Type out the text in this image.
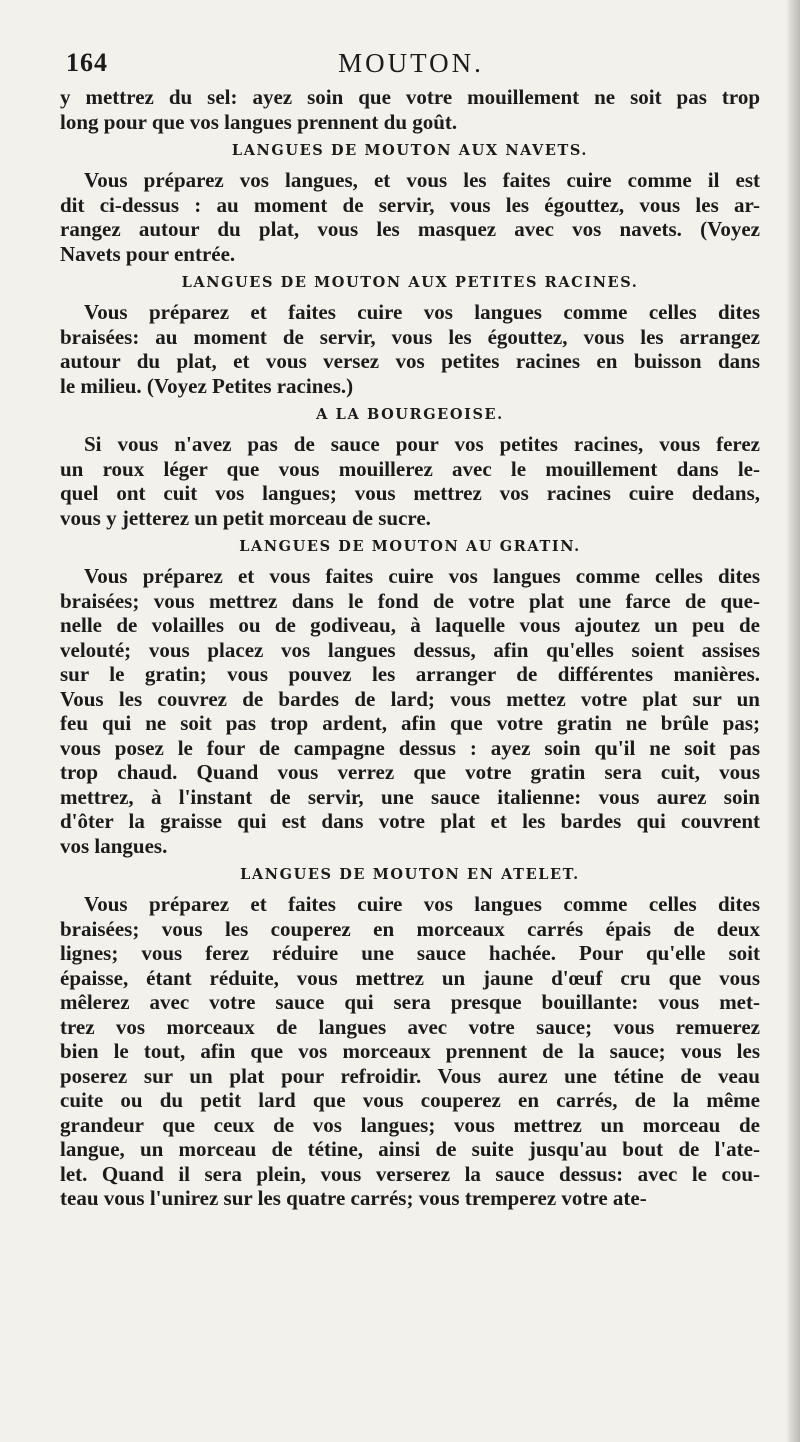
164	MOUTON.
y mettrez du sel: ayez soin que votre mouillement ne soit pas trop
long pour que vos langues prennent du goût.
LANGUES DE MOUTON AUX NAVETS.
Vous préparez vos langues, et vous les faites cuire comme il est
dit ci-dessus : au moment de servir, vous les égouttez, vous les ar-
rangez autour du plat, vous les masquez avec vos navets. (Voyez
Navets pour entrée.
LANGUES DE MOUTON AUX PETITES RACINES.
Vous préparez et faites cuire vos langues comme celles dites
braisées: au moment de servir, vous les égouttez, vous les arrangez
autour du plat, et vous versez vos petites racines en buisson dans
le milieu. (Voyez Petites racines.)
A LA BOURGEOISE.
Si vous n'avez pas de sauce pour vos petites racines, vous ferez
un roux léger que vous mouillerez avec le mouillement dans le-
quel ont cuit vos langues; vous mettrez vos racines cuire dedans,
vous y jetterez un petit morceau de sucre.
LANGUES DE MOUTON AU GRATIN.
Vous préparez et vous faites cuire vos langues comme celles dites
braisées; vous mettrez dans le fond de votre plat une farce de que-
nelle de volailles ou de godiveau, à laquelle vous ajoutez un peu de
velouté; vous placez vos langues dessus, afin qu'elles soient assises
sur le gratin; vous pouvez les arranger de différentes manières.
Vous les couvrez de bardes de lard; vous mettez votre plat sur un
feu qui ne soit pas trop ardent, afin que votre gratin ne brûle pas;
vous posez le four de campagne dessus : ayez soin qu'il ne soit pas
trop chaud. Quand vous verrez que votre gratin sera cuit, vous
mettrez, à l'instant de servir, une sauce italienne: vous aurez soin
d'ôter la graisse qui est dans votre plat et les bardes qui couvrent
vos langues.
LANGUES DE MOUTON EN ATELET.
Vous préparez et faites cuire vos langues comme celles dites
braisées; vous les couperez en morceaux carrés épais de deux
lignes; vous ferez réduire une sauce hachée. Pour qu'elle soit
épaisse, étant réduite, vous mettrez un jaune d'œuf cru que vous
mêlerez avec votre sauce qui sera presque bouillante: vous met-
trez vos morceaux de langues avec votre sauce; vous remuerez
bien le tout, afin que vos morceaux prennent de la sauce; vous les
poserez sur un plat pour refroidir. Vous aurez une tétine de veau
cuite ou du petit lard que vous couperez en carrés, de la même
grandeur que ceux de vos langues; vous mettrez un morceau de
langue, un morceau de tétine, ainsi de suite jusqu'au bout de l'ate-
let. Quand il sera plein, vous verserez la sauce dessus: avec le cou-
teau vous l'unirez sur les quatre carrés; vous tremperez votre ate-
